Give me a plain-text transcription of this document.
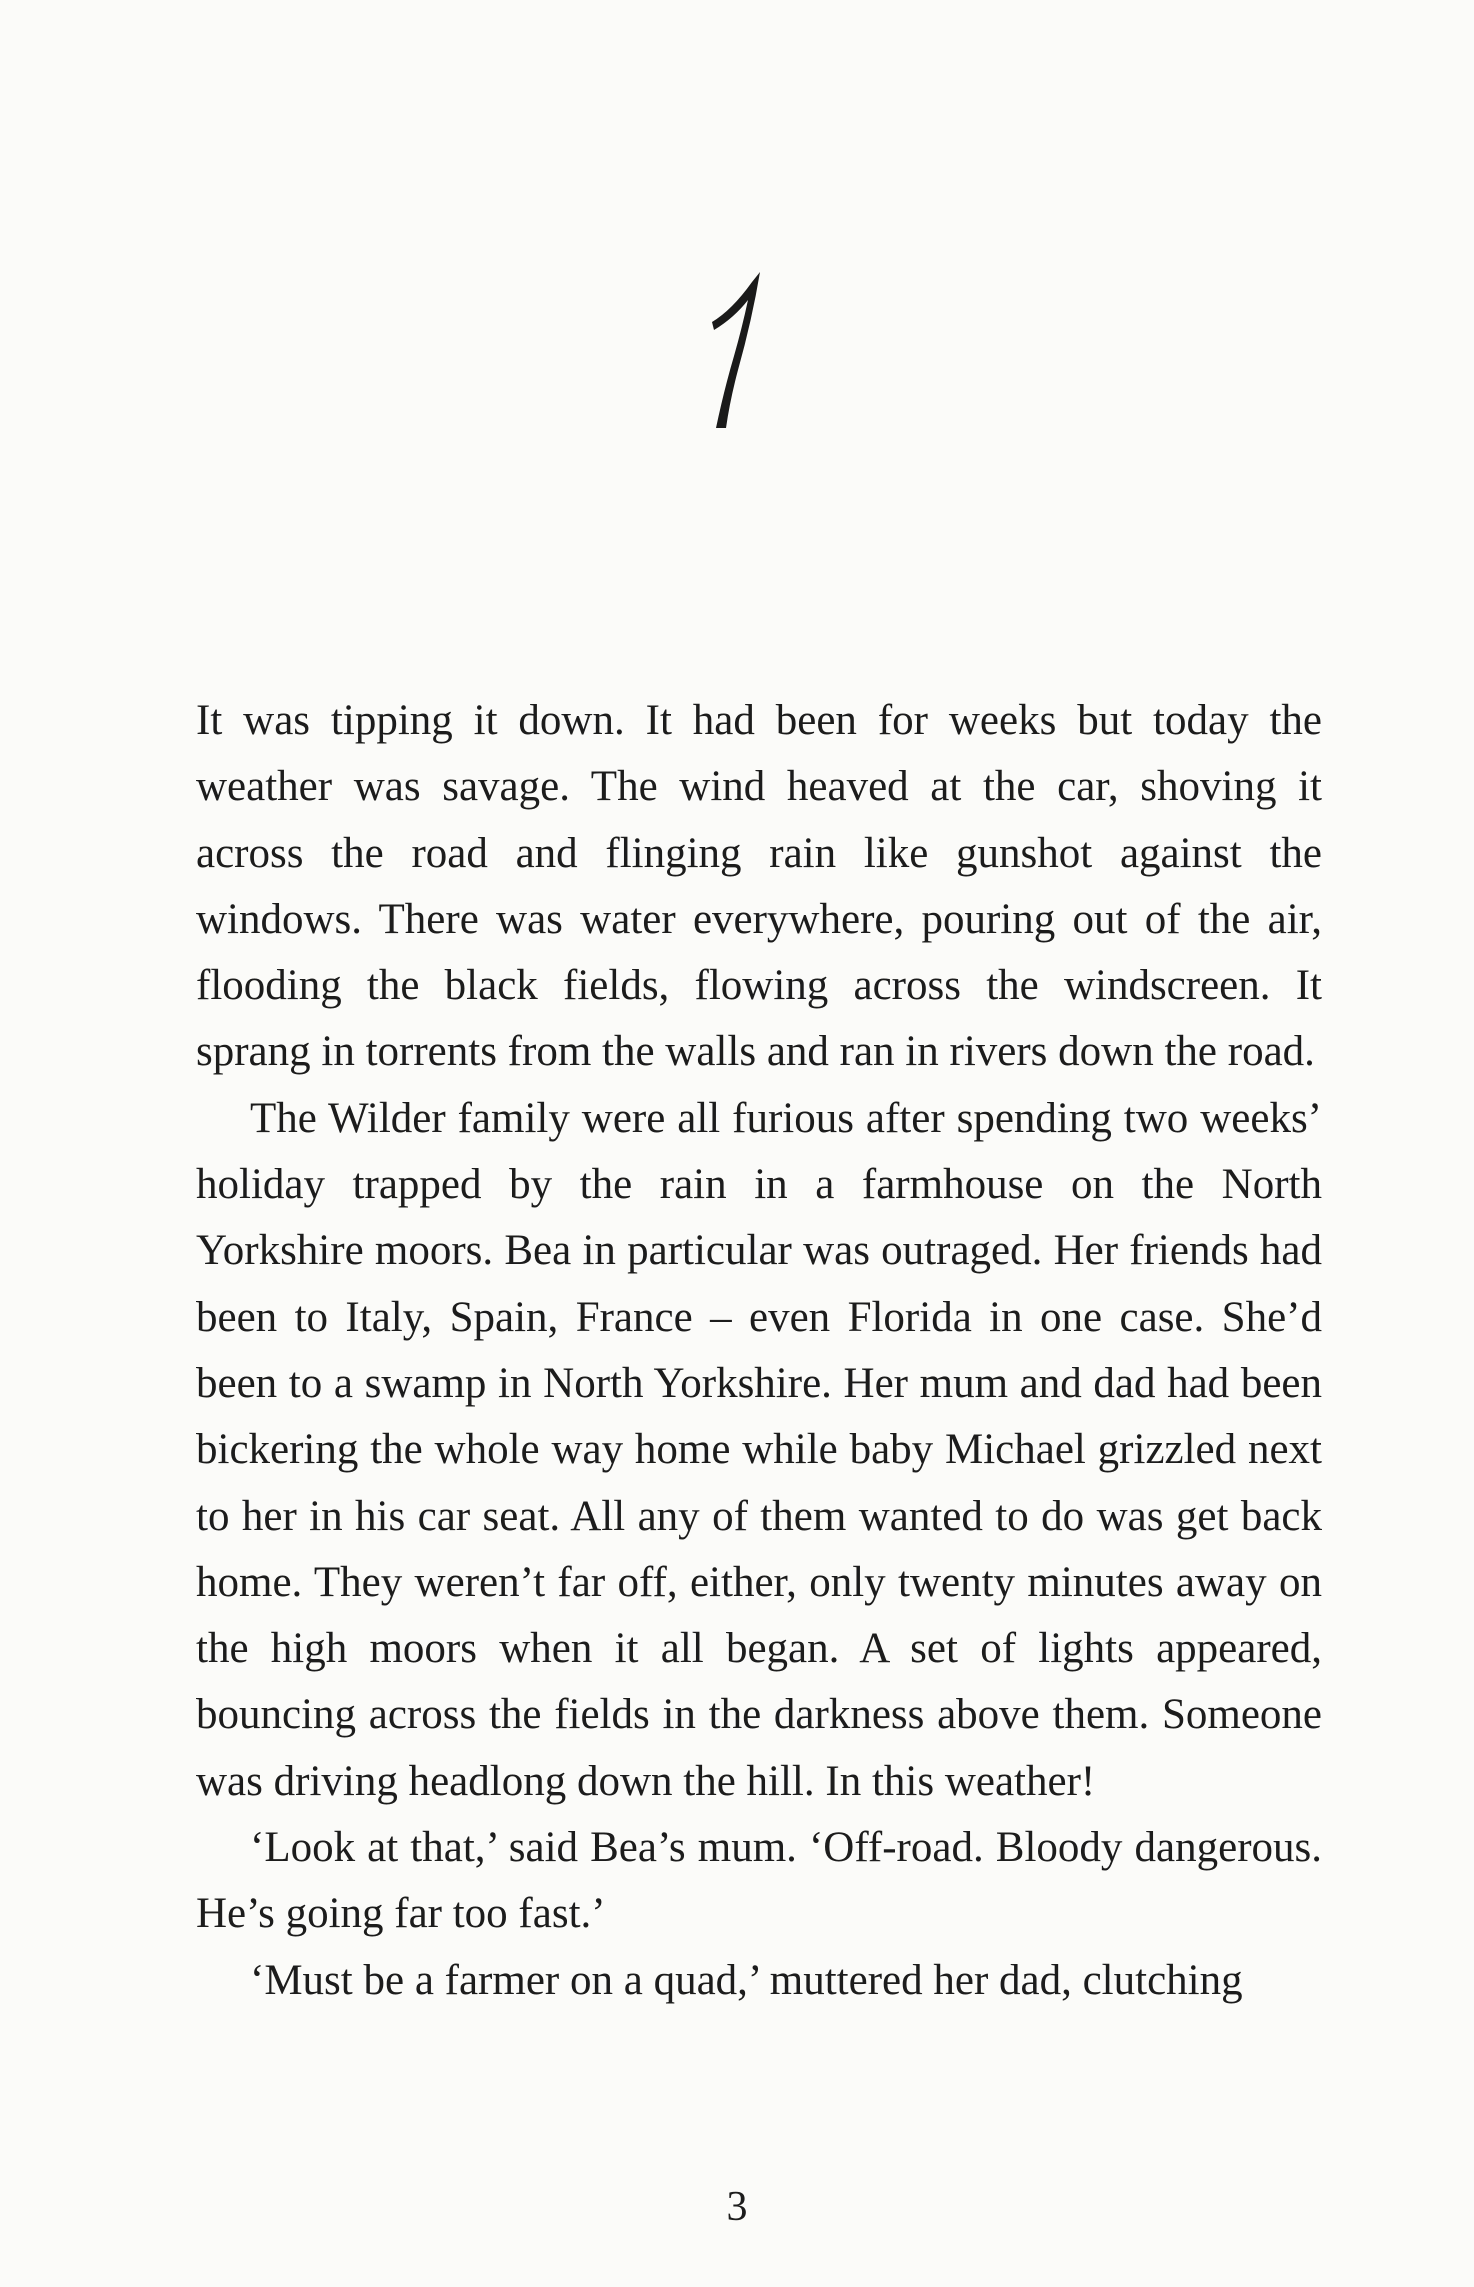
It was tipping it down. It had been for weeks but today the weather was savage. The wind heaved at the car, shoving it across the road and flinging rain like gunshot against the windows. There was water everywhere, pouring out of the air, flooding the black fields, flowing across the windscreen. It sprang in torrents from the walls and ran in rivers down the road.

The Wilder family were all furious after spending two weeks’ holiday trapped by the rain in a farmhouse on the North Yorkshire moors. Bea in particular was outraged. Her friends had been to Italy, Spain, France – even Florida in one case. She’d been to a swamp in North Yorkshire. Her mum and dad had been bickering the whole way home while baby Michael grizzled next to her in his car seat. All any of them wanted to do was get back home. They weren’t far off, either, only twenty minutes away on the high moors when it all began. A set of lights appeared, bouncing across the fields in the darkness above them. Someone was driving headlong down the hill. In this weather!

‘Look at that,’ said Bea’s mum. ‘Off-road. Bloody dangerous. He’s going far too fast.’

‘Must be a farmer on a quad,’ muttered her dad, clutching

3
